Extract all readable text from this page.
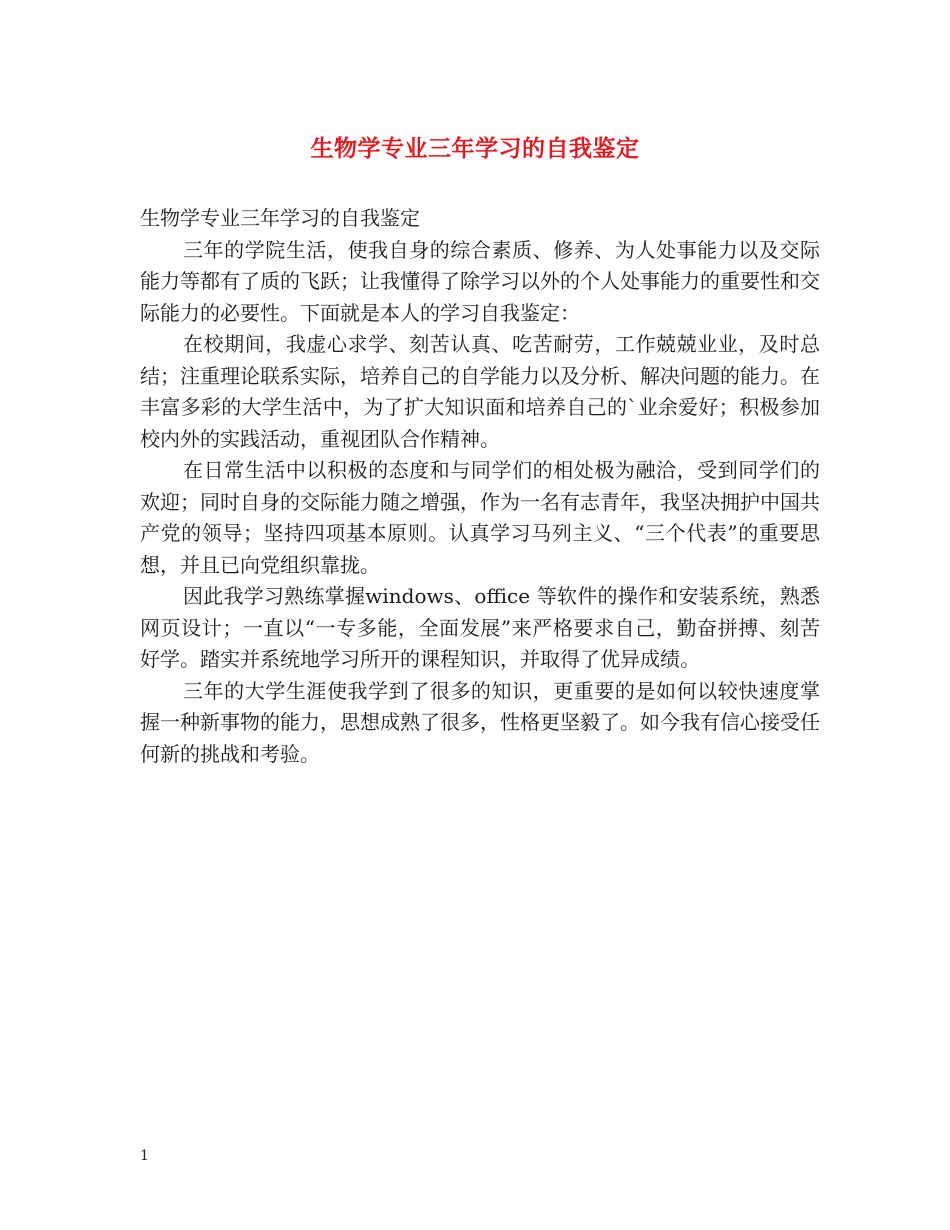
生物学专业三年学习的自我鉴定

生物学专业三年学习的自我鉴定

三年的学院生活，使我自身的综合素质、修养、为人处事能力以及交际能力等都有了质的飞跃；让我懂得了除学习以外的个人处事能力的重要性和交际能力的必要性。下面就是本人的学习自我鉴定：

在校期间，我虚心求学、刻苦认真、吃苦耐劳，工作兢兢业业，及时总结；注重理论联系实际，培养自己的自学能力以及分析、解决问题的能力。在丰富多彩的大学生活中，为了扩大知识面和培养自己的`业余爱好；积极参加校内外的实践活动，重视团队合作精神。

在日常生活中以积极的态度和与同学们的相处极为融洽，受到同学们的欢迎；同时自身的交际能力随之增强，作为一名有志青年，我坚决拥护中国共产党的领导；坚持四项基本原则。认真学习马列主义、“三个代表”的重要思想，并且已向党组织靠拢。

因此我学习熟练掌握windows、office 等软件的操作和安装系统，熟悉网页设计；一直以“一专多能，全面发展”来严格要求自己，勤奋拼搏、刻苦好学。踏实并系统地学习所开的课程知识，并取得了优异成绩。

三年的大学生涯使我学到了很多的知识，更重要的是如何以较快速度掌握一种新事物的能力，思想成熟了很多，性格更坚毅了。如今我有信心接受任何新的挑战和考验。

1
